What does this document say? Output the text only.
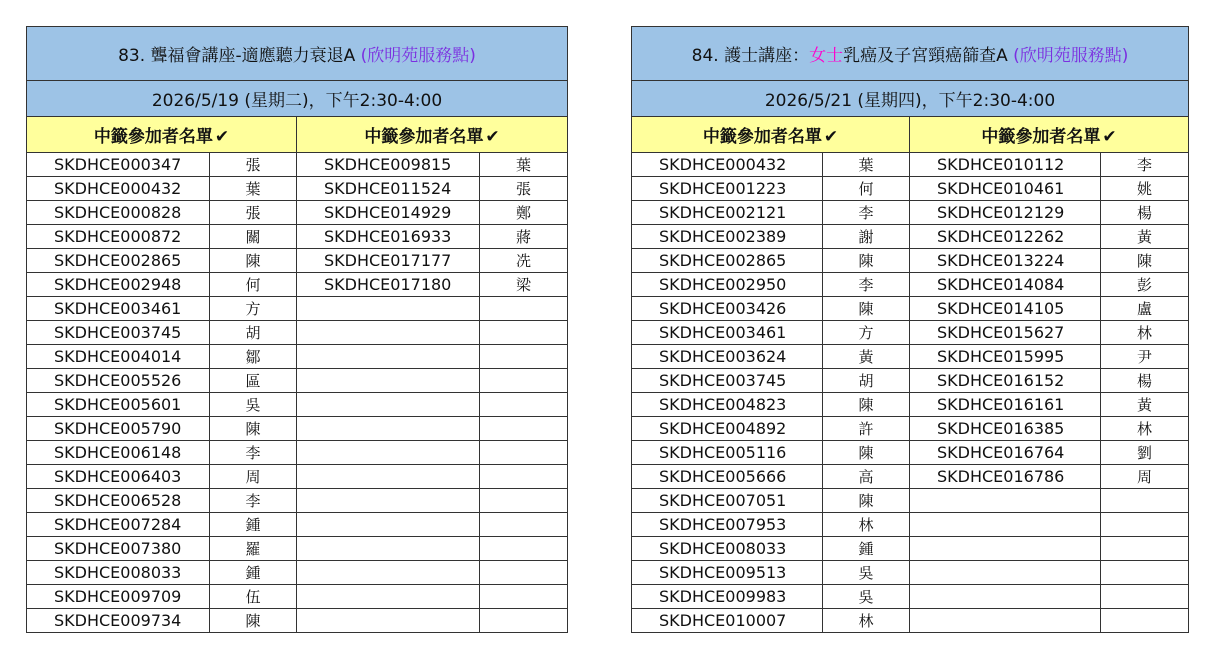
83. 聾福會講座-適應聽力衰退A (欣明苑服務點)			
2026/5/19 (星期二)，下午2:30-4:00			
中籤參加者名單 ✔		中籤參加者名單 ✔	
SKDHCE000347	張	SKDHCE009815	葉
SKDHCE000432	葉	SKDHCE011524	張
SKDHCE000828	張	SKDHCE014929	鄭
SKDHCE000872	關	SKDHCE016933	蔣
SKDHCE002865	陳	SKDHCE017177	冼
SKDHCE002948	何	SKDHCE017180	梁
SKDHCE003461	方		
SKDHCE003745	胡		
SKDHCE004014	鄒		
SKDHCE005526	區		
SKDHCE005601	吳		
SKDHCE005790	陳		
SKDHCE006148	李		
SKDHCE006403	周		
SKDHCE006528	李		
SKDHCE007284	鍾		
SKDHCE007380	羅		
SKDHCE008033	鍾		
SKDHCE009709	伍		
SKDHCE009734	陳		
84. 護士講座：女士乳癌及子宮頸癌篩查A (欣明苑服務點)			
2026/5/21 (星期四)，下午2:30-4:00			
中籤參加者名單 ✔		中籤參加者名單 ✔	
SKDHCE000432	葉	SKDHCE010112	李
SKDHCE001223	何	SKDHCE010461	姚
SKDHCE002121	李	SKDHCE012129	楊
SKDHCE002389	謝	SKDHCE012262	黃
SKDHCE002865	陳	SKDHCE013224	陳
SKDHCE002950	李	SKDHCE014084	彭
SKDHCE003426	陳	SKDHCE014105	盧
SKDHCE003461	方	SKDHCE015627	林
SKDHCE003624	黃	SKDHCE015995	尹
SKDHCE003745	胡	SKDHCE016152	楊
SKDHCE004823	陳	SKDHCE016161	黃
SKDHCE004892	許	SKDHCE016385	林
SKDHCE005116	陳	SKDHCE016764	劉
SKDHCE005666	高	SKDHCE016786	周
SKDHCE007051	陳		
SKDHCE007953	林		
SKDHCE008033	鍾		
SKDHCE009513	吳		
SKDHCE009983	吳		
SKDHCE010007	林		
